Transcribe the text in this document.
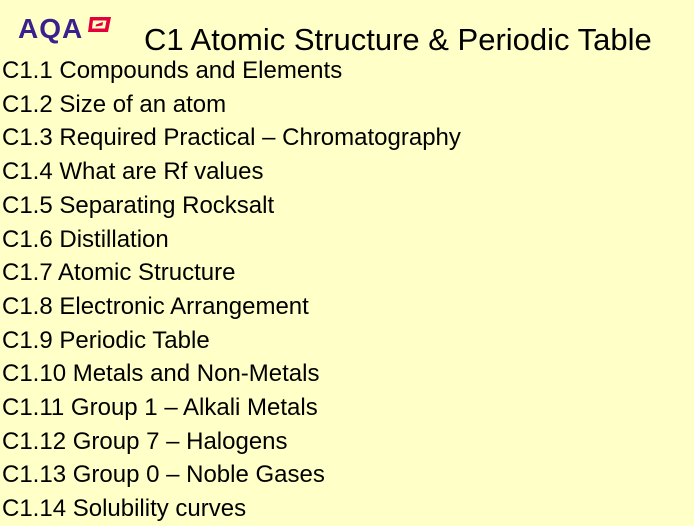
AQA C1 Atomic Structure & Periodic Table
C1.1 Compounds and Elements
C1.2 Size of an atom
C1.3 Required Practical – Chromatography
C1.4 What are Rf values
C1.5 Separating Rocksalt
C1.6 Distillation
C1.7 Atomic Structure
C1.8 Electronic Arrangement
C1.9 Periodic Table
C1.10 Metals and Non-Metals
C1.11 Group 1 – Alkali Metals
C1.12 Group 7 – Halogens
C1.13 Group 0 – Noble Gases
C1.14 Solubility curves
